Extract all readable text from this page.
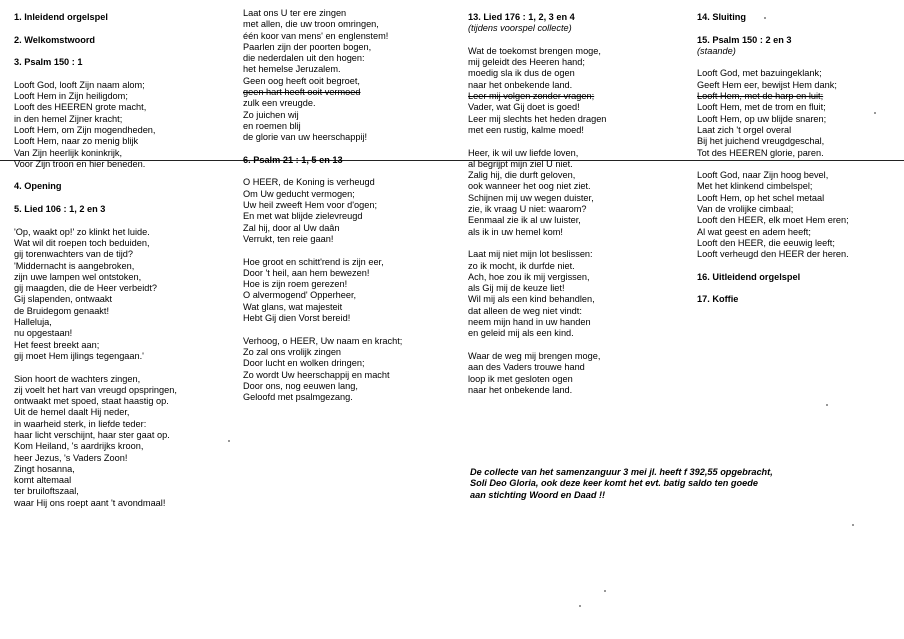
1. Inleidend orgelspel
2. Welkomstwoord
3. Psalm 150 : 1
Looft God, looft Zijn naam alom;
Looft Hem in Zijn heiligdom;
Looft des HEEREN grote macht,
in den hemel Zijner kracht;
Looft Hem, om Zijn mogendheden,
Looft Hem, naar zo menig blijk
Van Zijn heerlijk koninkrijk,
Voor Zijn troon en hier beneden.
4. Opening
5. Lied 106 : 1, 2 en 3
'Op, waakt op!' zo klinkt het luide.
Wat wil dit roepen toch beduiden,
gij torenwachters van de tijd?
'Middernacht is aangebroken,
zijn uwe lampen wel ontstoken,
gij maagden, die de Heer verbeidt?
Gij slapenden, ontwaakt
de Bruidegom genaakt!
Halleluja,
nu opgestaan!
Het feest breekt aan;
gij moet Hem ijlings tegengaan.'
Sion hoort de wachters zingen,
zij voelt het hart van vreugd opspringen,
ontwaakt met spoed, staat haastig op.
Uit de hemel daalt Hij neder,
in waarheid sterk, in liefde teder:
haar licht verschijnt, haar ster gaat op.
Kom Heiland, 's aardrijks kroon,
heer Jezus, 's Vaders Zoon!
Zingt hosanna,
komt altemaal
ter bruiloftszaal,
waar Hij ons roept aant 't avondmaal!
Laat ons U ter ere zingen
met allen, die uw troon omringen,
één koor van mens' en englenstem!
Paarlen zijn der poorten bogen,
die nederdalen uit den hogen:
het hemelse Jeruzalem.
Geen oog heeft ooit begroet,
geen hart heeft ooit vermoed
zulk een vreugde.
Zo juichen wij
en roemen blij
de glorie van uw heerschappij!
6. Psalm 21 : 1, 5 en 13
O HEER, de Koning is verheugd
Om Uw geducht vermogen;
Uw heil zweeft Hem voor d'ogen;
En met wat blijde zielevreugd
Zal hij, door al Uw daân
Verrukt, ten reie gaan!
Hoe groot en schitt'rend is zijn eer,
Door 't heil, aan hem bewezen!
Hoe is zijn roem gerezen!
O alvermogend' Opperheer,
Wat glans, wat majesteit
Hebt Gij dien Vorst bereid!
Verhoog, o HEER, Uw naam en kracht;
Zo zal ons vrolijk zingen
Door lucht en wolken dringen;
Zo wordt Uw heerschappij en macht
Door ons, nog eeuwen lang,
Geloofd met psalmgezang.
13. Lied 176 : 1, 2, 3 en 4
(tijdens voorspel collecte)
Wat de toekomst brengen moge,
mij geleidt des Heeren hand;
moedig sla ik dus de ogen
naar het onbekende land.
Leer mij volgen zonder vragen;
Vader, wat Gij doet is goed!
Leer mij slechts het heden dragen
met een rustig, kalme moed!
Heer, ik wil uw liefde loven,
al begrijpt mijn ziel U niet.
Zalig hij, die durft geloven,
ook wanneer het oog niet ziet.
Schijnen mij uw wegen duister,
zie, ik vraag U niet: waarom?
Eenmaal zie ik al uw luister,
als ik in uw hemel kom!
Laat mij niet mijn lot beslissen:
zo ik mocht, ik durfde niet.
Ach, hoe zou ik mij vergissen,
als Gij mij de keuze liet!
Wil mij als een kind behandlen,
dat alleen de weg niet vindt:
neem mijn hand in uw handen
en geleid mij als een kind.
Waar de weg mij brengen moge,
aan des Vaders trouwe hand
loop ik met gesloten ogen
naar het onbekende land.
De collecte van het samenzanguur 3 mei jl. heeft f 392,55 opgebracht,
Soli Deo Gloria, ook deze keer komt het evt. batig saldo ten goede
aan stichting Woord en Daad !!
14. Sluiting
15. Psalm 150 : 2 en 3
(staande)
Looft God, met bazuingeklank;
Geeft Hem eer, bewijst Hem dank;
Looft Hem, met de harp en luit;
Looft Hem, met de trom en fluit;
Looft Hem, op uw blijde snaren;
Laat zich 't orgel overal
Bij het juichend vreugdgeschal,
Tot des HEEREN glorie, paren.
Looft God, naar Zijn hoog bevel,
Met het klinkend cimbelspel;
Looft Hem, op het schel metaal
Van de vrolijke cimbaal;
Looft den HEER, elk moet Hem eren;
Al wat geest en adem heeft;
Looft den HEER, die eeuwig leeft;
Looft verheugd den HEER der heren.
16. Uitleidend orgelspel
17. Koffie
